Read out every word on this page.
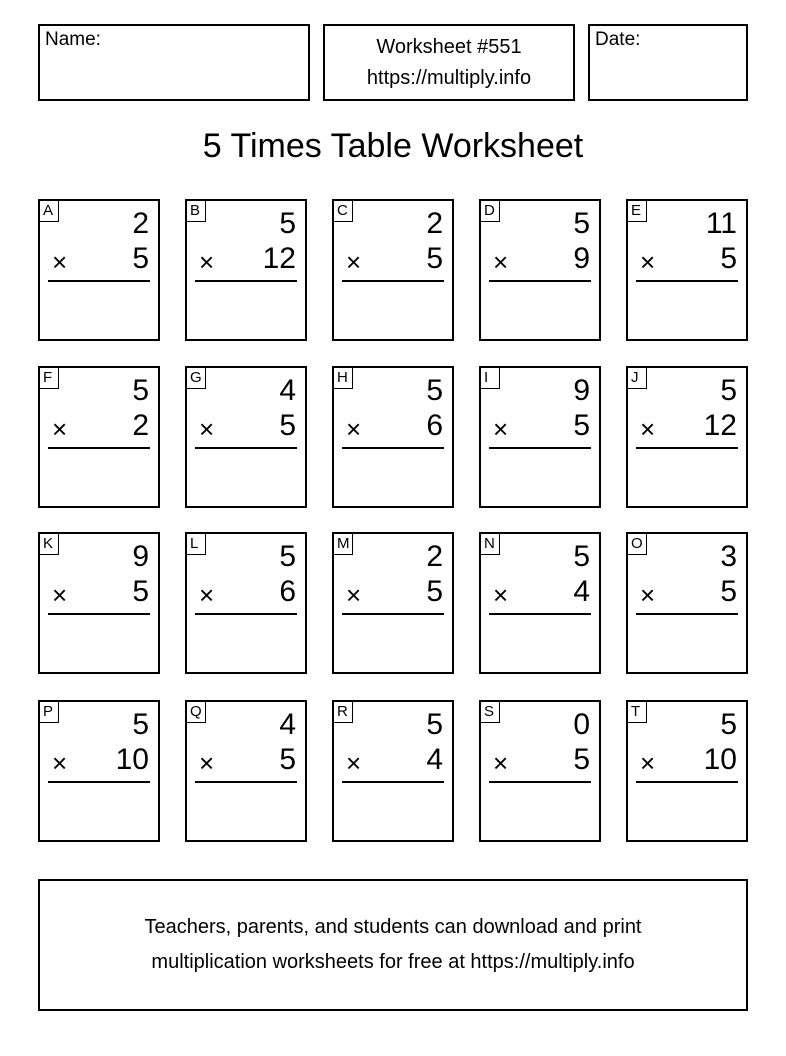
Name:	Worksheet #551
https://multiply.info
Date:
5 Times Table Worksheet
A	2
× 5
B	5
× 12
C	2
× 5
D	5
× 9
E 11
× 5
F	5
× 2
G	4
× 5
H	5
× 6
I	9
× 5
J	5
× 12
K	9
× 5
L	5
× 6
M	2
× 5
N	5
× 4
O	3
× 5
P	5
× 10
Q	4
× 5
R	5
× 4
S	0
× 5
T	5
× 10
Teachers, parents, and students can download and print
multiplication worksheets for free at https://multiply.info
